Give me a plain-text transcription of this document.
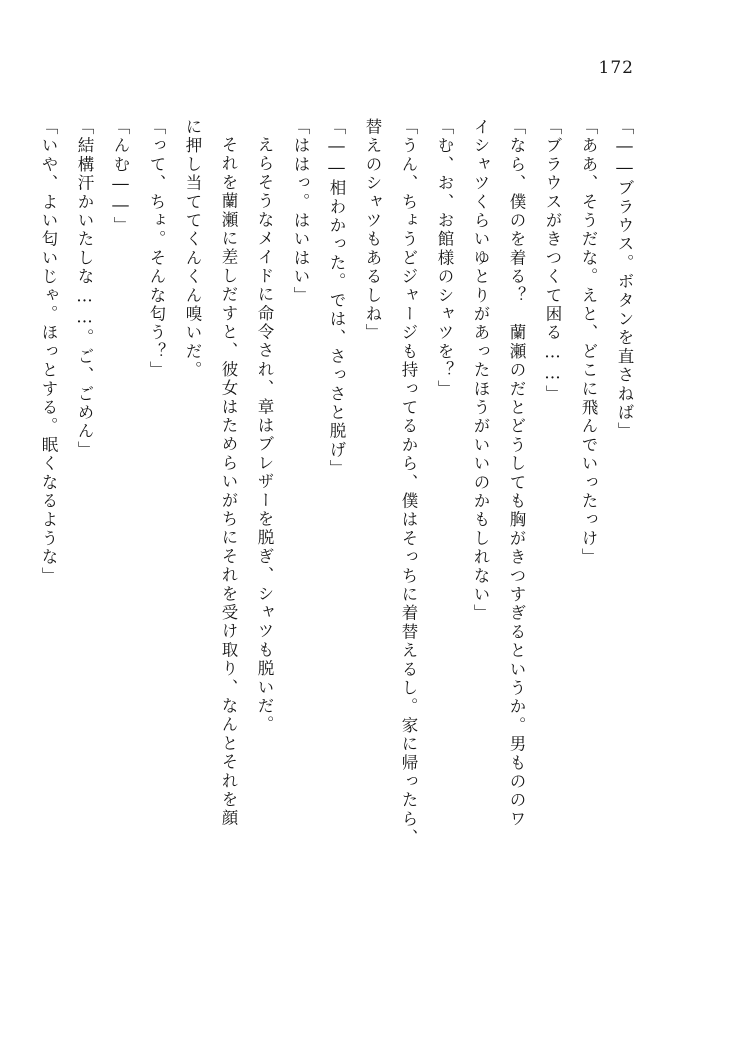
172
「――ブラウス。ボタンを直さねば」
「ああ、そうだな。えと、どこに飛んでいったっけ」
「ブラウスがきつくて困る……」
「なら、僕のを着る？　蘭瀬のだとどうしても胸がきつすぎるというか。男もののワ
イシャツくらいゆとりがあったほうがいいのかもしれない」
「む、お、お館様のシャツを？」
「うん、ちょうどジャージも持ってるから、僕はそっちに着替えるし。家に帰ったら、
替えのシャツもあるしね」
「――相わかった。では、さっさと脱げ」
「ははっ。はいはい」
えらそうなメイドに命令され、章はブレザーを脱ぎ、シャツも脱いだ。
それを蘭瀬に差しだすと、彼女はためらいがちにそれを受け取り、なんとそれを顔
に押し当ててくんくん嗅いだ。
「って、ちょ。そんな匂う？」
「んむ――」
「結構汗かいたしな……。ご、ごめん」
「いや、よい匂いじゃ。ほっとする。眠くなるような」
